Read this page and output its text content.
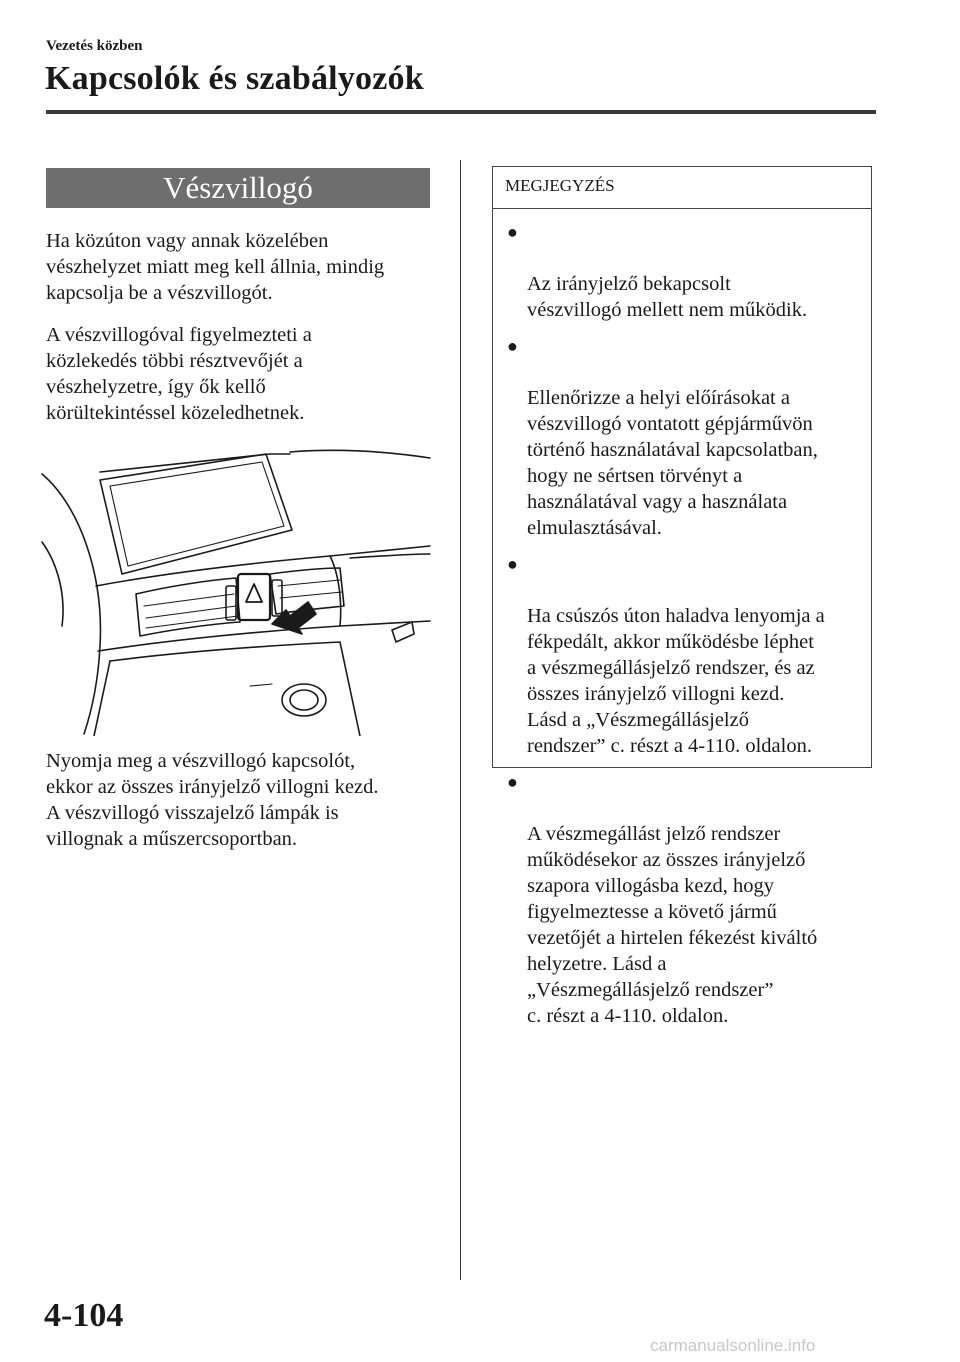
Vezetés közben
Kapcsolók és szabályozók
Vészvillogó
Ha közúton vagy annak közelében
vészhelyzet miatt meg kell állnia, mindig
kapcsolja be a vészvillogót.
A vészvillogóval figyelmezteti a
közlekedés többi résztvevőjét a
vészhelyzetre, így ők kellő
körültekintéssel közeledhetnek.
Nyomja meg a vészvillogó kapcsolót,
ekkor az összes irányjelző villogni kezd.
A vészvillogó visszajelző lámpák is
villognak a műszercsoportban.
MEGJEGYZÉS

●

Az irányjelző bekapcsolt
vészvillogó mellett nem működik.

●

Ellenőrizze a helyi előírásokat a
vészvillogó vontatott gépjárművön
történő használatával kapcsolatban,
hogy ne sértsen törvényt a
használatával vagy a használata
elmulasztásával.

●

Ha csúszós úton haladva lenyomja a
fékpedált, akkor működésbe léphet
a vészmegállásjelző rendszer, és az
összes irányjelző villogni kezd.
Lásd a „Vészmegállásjelző
rendszer” c. részt a 4-110. oldalon.

●

A vészmegállást jelző rendszer
működésekor az összes irányjelző
szapora villogásba kezd, hogy
figyelmeztesse a követő jármű
vezetőjét a hirtelen fékezést kiváltó
helyzetre. Lásd a
„Vészmegállásjelző rendszer”
c. részt a 4-110. oldalon.

4-104
carmanualsonline.info
